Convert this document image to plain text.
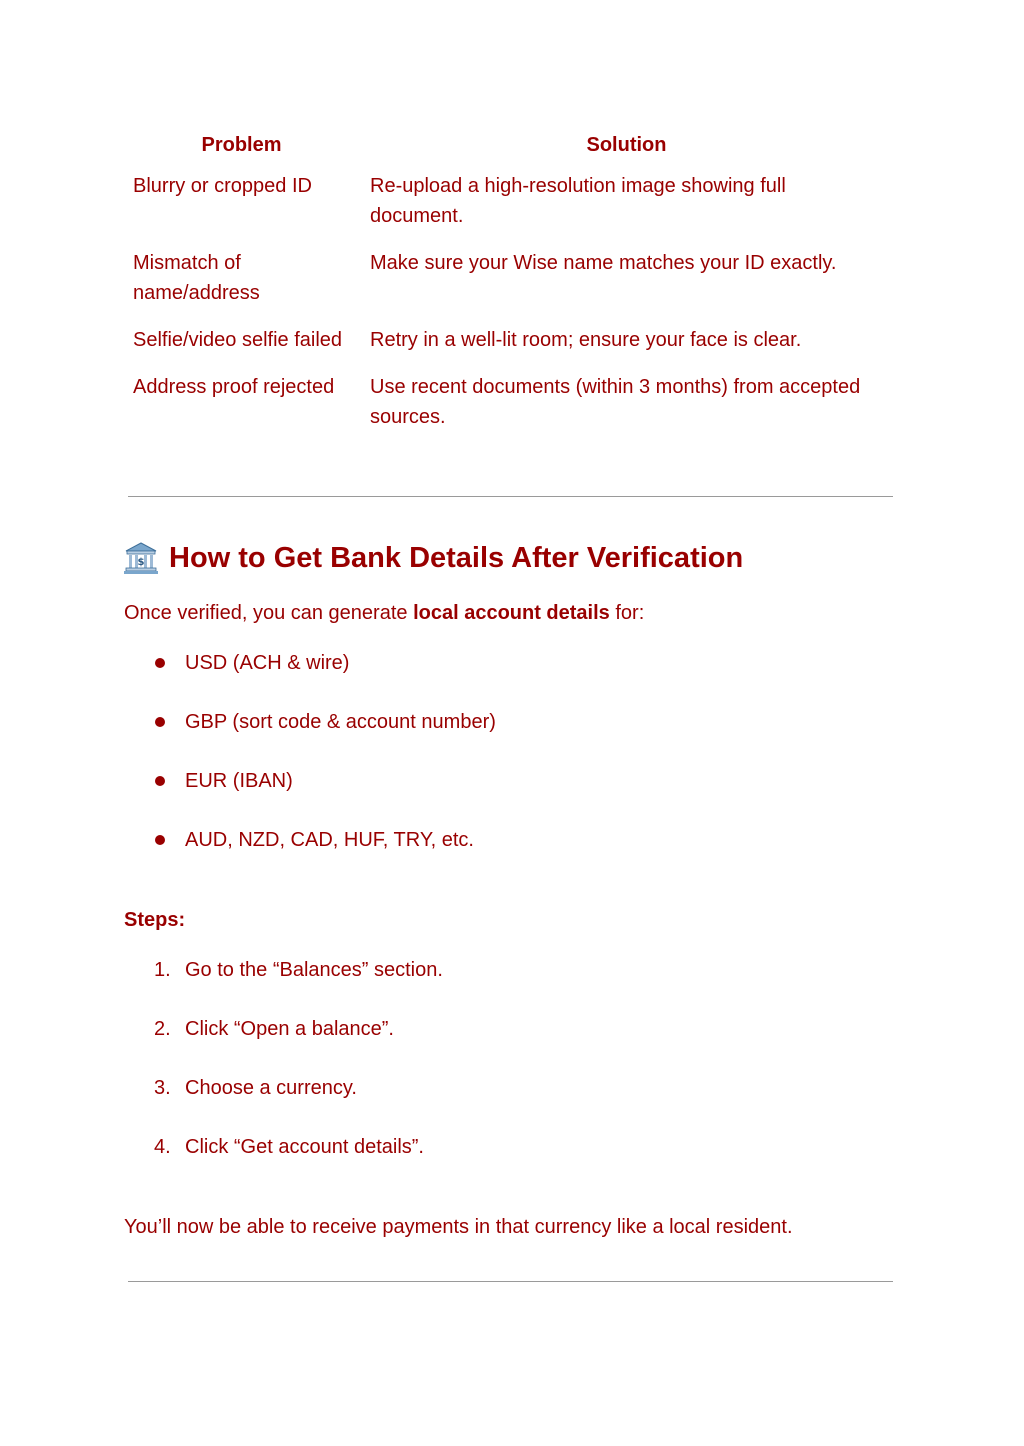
Problem	Solution
Blurry or cropped ID	Re-upload a high-resolution image showing full document.
Mismatch of name/address	Make sure your Wise name matches your ID exactly.
Selfie/video selfie failed	Retry in a well-lit room; ensure your face is clear.
Address proof rejected	Use recent documents (within 3 months) from accepted sources.
$ How to Get Bank Details After Verification

Once verified, you can generate local account details for:

USD (ACH & wire)
GBP (sort code & account number)
EUR (IBAN)
AUD, NZD, CAD, HUF, TRY, etc.

Steps:

1. Go to the “Balances” section.
2. Click “Open a balance”.
3. Choose a currency.
4. Click “Get account details”.

You’ll now be able to receive payments in that currency like a local resident.
